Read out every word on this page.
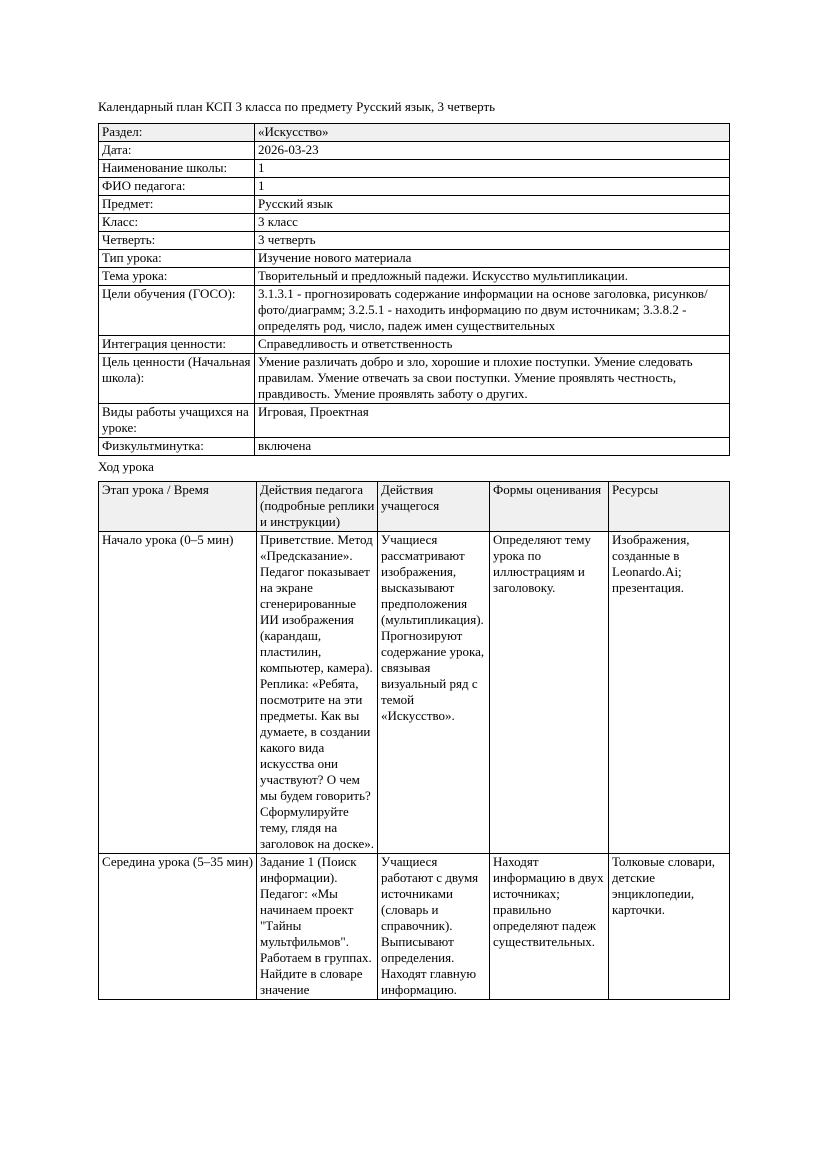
Календарный план КСП 3 класса по предмету Русский язык, 3 четверть
Раздел:	«Искусство»
Дата:	2026-03-23
Наименование школы:	1
ФИО педагога:	1
Предмет:	Русский язык
Класс:	3 класс
Четверть:	3 четверть
Тип урока:	Изучение нового материала
Тема урока:	Творительный и предложный падежи. Искусство мультипликации.
Цели обучения (ГОСО):	3.1.3.1 - прогнозировать содержание информации на основе заголовка, рисунков/фото/диаграмм; 3.2.5.1 - находить информацию по двум источникам; 3.3.8.2 - определять род, число, падеж имен существительных
Интеграция ценности:	Справедливость и ответственность
Цель ценности (Начальная школа):	Умение различать добро и зло, хорошие и плохие поступки. Умение следовать правилам. Умение отвечать за свои поступки. Умение проявлять честность, правдивость. Умение проявлять заботу о других.
Виды работы учащихся на уроке:	Игровая, Проектная
Физкультминутка:	включена
Ход урока
Этап урока / Время	Действия педагога (подробные реплики и инструкции)	Действия учащегося	Формы оценивания	Ресурсы
Начало урока (0–5 мин)	Приветствие. Метод «Предсказание». Педагог показывает на экране сгенерированные ИИ изображения (карандаш, пластилин, компьютер, камера). Реплика: «Ребята, посмотрите на эти предметы. Как вы думаете, в создании какого вида искусства они участвуют? О чем мы будем говорить? Сформулируйте тему, глядя на заголовок на доске».	Учащиеся рассматривают изображения, высказывают предположения (мультипликация). Прогнозируют содержание урока, связывая визуальный ряд с темой «Искусство».	Определяют тему урока по иллюстрациям и заголовоку.	Изображения, созданные в Leonardo.Ai; презентация.
Середина урока (5–35 мин)	Задание 1 (Поиск информации). Педагог: «Мы начинаем проект "Тайны мультфильмов". Работаем в группах. Найдите в словаре значение	Учащиеся работают с двумя источниками (словарь и справочник). Выписывают определения. Находят главную информацию.	Находят информацию в двух источниках; правильно определяют падеж существительных.	Толковые словари, детские энциклопедии, карточки.
